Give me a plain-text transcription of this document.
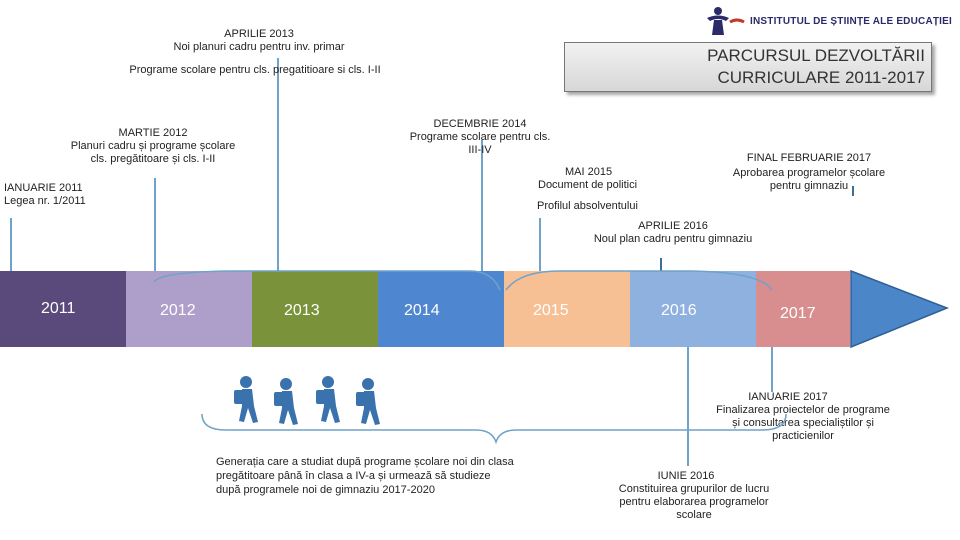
INSTITUTUL DE ȘTIINȚE ALE EDUCAȚIEI
PARCURSUL DEZVOLTĂRII
CURRICULARE 2011-2017
2011	2012	2013	2014	2015	2016	2017
APRILIE 2013
Noi planuri cadru pentru inv. primar
Programe scolare pentru cls. pregatitioare si cls. I-II
MARTIE 2012
Planuri cadru și programe școlare
cls. pregătitoare și cls. I-II
IANUARIE 2011
Legea nr. 1/2011
DECEMBRIE 2014
Programe scolare pentru cls.
III-IV
MAI 2015
Document de politici
Profilul absolventului
APRILIE 2016
Noul plan cadru pentru gimnaziu
FINAL FEBRUARIE 2017
Aprobarea programelor școlare
pentru gimnaziu
IANUARIE 2017
Finalizarea proiectelor de programe
și consultarea specialiștilor și
practicienilor
IUNIE 2016
Constituirea grupurilor de lucru
pentru elaborarea programelor
scolare
Generația care a studiat după programe școlare noi din clasa
pregătitoare până în clasa a IV-a și urmează să studieze
după programele noi de gimnaziu 2017-2020
